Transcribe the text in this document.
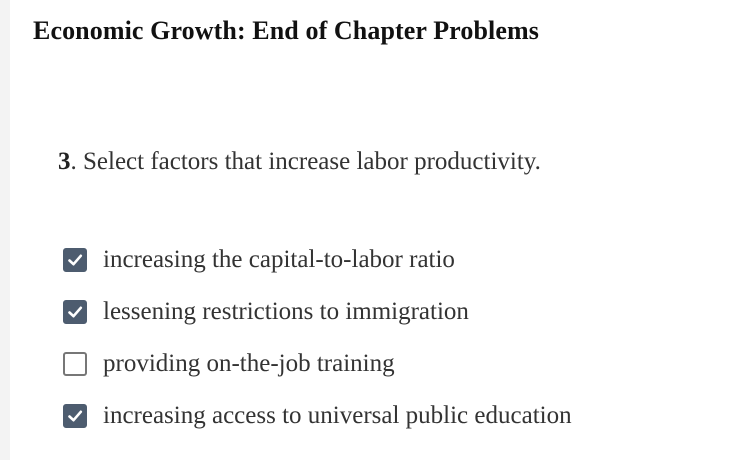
Economic Growth: End of Chapter Problems
3. Select factors that increase labor productivity.
increasing the capital-to-labor ratio
lessening restrictions to immigration
providing on-the-job training
increasing access to universal public education
